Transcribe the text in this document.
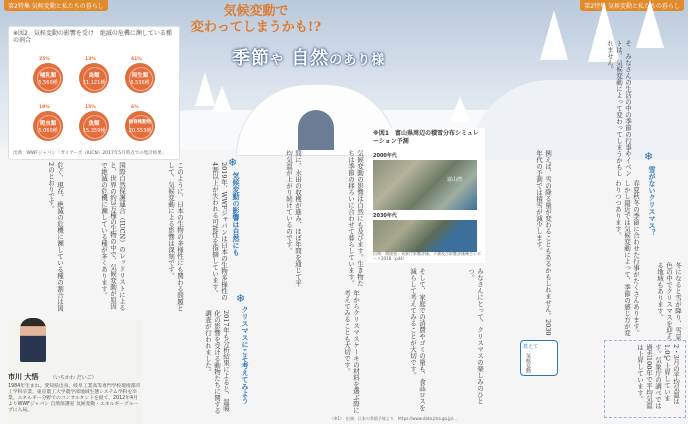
第2特集 気候変動と私たちの暮らし	第2特集 気候変動と私たちの暮らし
気候変動で
変わってしまうかも!?
季節や 自然のあり様
※図2　気候変動の影響を受け　絶滅の危機に瀕している種の割合
哺乳類
5,560種
25%
鳥類
11,121種
13%
両生類
6,536種
41%
爬虫類
5,060種
19%
魚類
15,359種
15%
無脊椎動物
20,553種
6%
出典：WWFジャパン「ガイアーズ（IUCN）2017年5月時点での集計結果」
危ぐ、現在、絶滅の危機に瀕している種の割合は図2のとおりです。	国際自然保護連合（IUCN）のレッドリストによると、世界の約3万種の生物の中で、気候変動が原因で絶滅の危機に瀕している種が多くあります。	このように、日本の生物の多様性にも関わる問題として、気候変動による影響は深刻です。	❄
気候変動の影響は自然にも
2019年、WWFジャパンは日本の生物多様性の4割以上が失われる可能性を指摘しています。	間に、水田の収穫が進み、ほぼ年間を通じて平均気温が上がり続けているのです。	気候変動の影響は自然にも及びます。生き物たちは季節の移ろいに合わせて暮らしています。
2017年も分析結果によると、温暖化の影響を受ける動物たちに関する調査が行われました。	年からクリスマスケーキの材料を選ぶ際に考えてみることも大切です。
❄
クリスマスにこそ考えてみよう
市川 大悟 （いちかわ だいご）
1984年生まれ。愛知県出身。岐阜工業高等専門学校環境都市工学科卒業、東京農工大学農学部地域生態システム学科を卒業。エネルギー分野でのコンサルタントを経て、2012年4月よりWWFジャパン 自然保護室 気候変動・エネルギーグループに入局。
※図1　富山県周辺の積雪分布シミュレーション予測
2000年代
富山湾
2030年代
出典：環境省・気象庁影響評価、予測及び影響評価統合レポート2018（p44）
そして、家庭での消費やゴミの量も、食品ロスを減らして考えてみることが大切です。	みなさんにとって、クリスマスの楽しみのひとつ。	例えば、雪の降る量が変わることもあるかもしれません。2030年代の予測では積雪が減少します。
そ　みなさんの生活の中の季節の行事やイベントは、気候変動によって変わってしまうかもしれません。
春夏秋冬の季節に合わせた行事がたくさんあります。しかし最近では気候変動によって、季節の感じ方が変わりつつあります。
❄
雪がないクリスマス？
冬になると雪が降り、雪景色の中でクリスマスを迎える地域もあります。
2・3月の平均気温は1.0℃上昇しています。気象庁の調べでは過去100年で平均気温は上昇しています。
教えて
気候変動
（※1）　出典：日本の季節予報より　https://www.data.jma.go.jp/...
